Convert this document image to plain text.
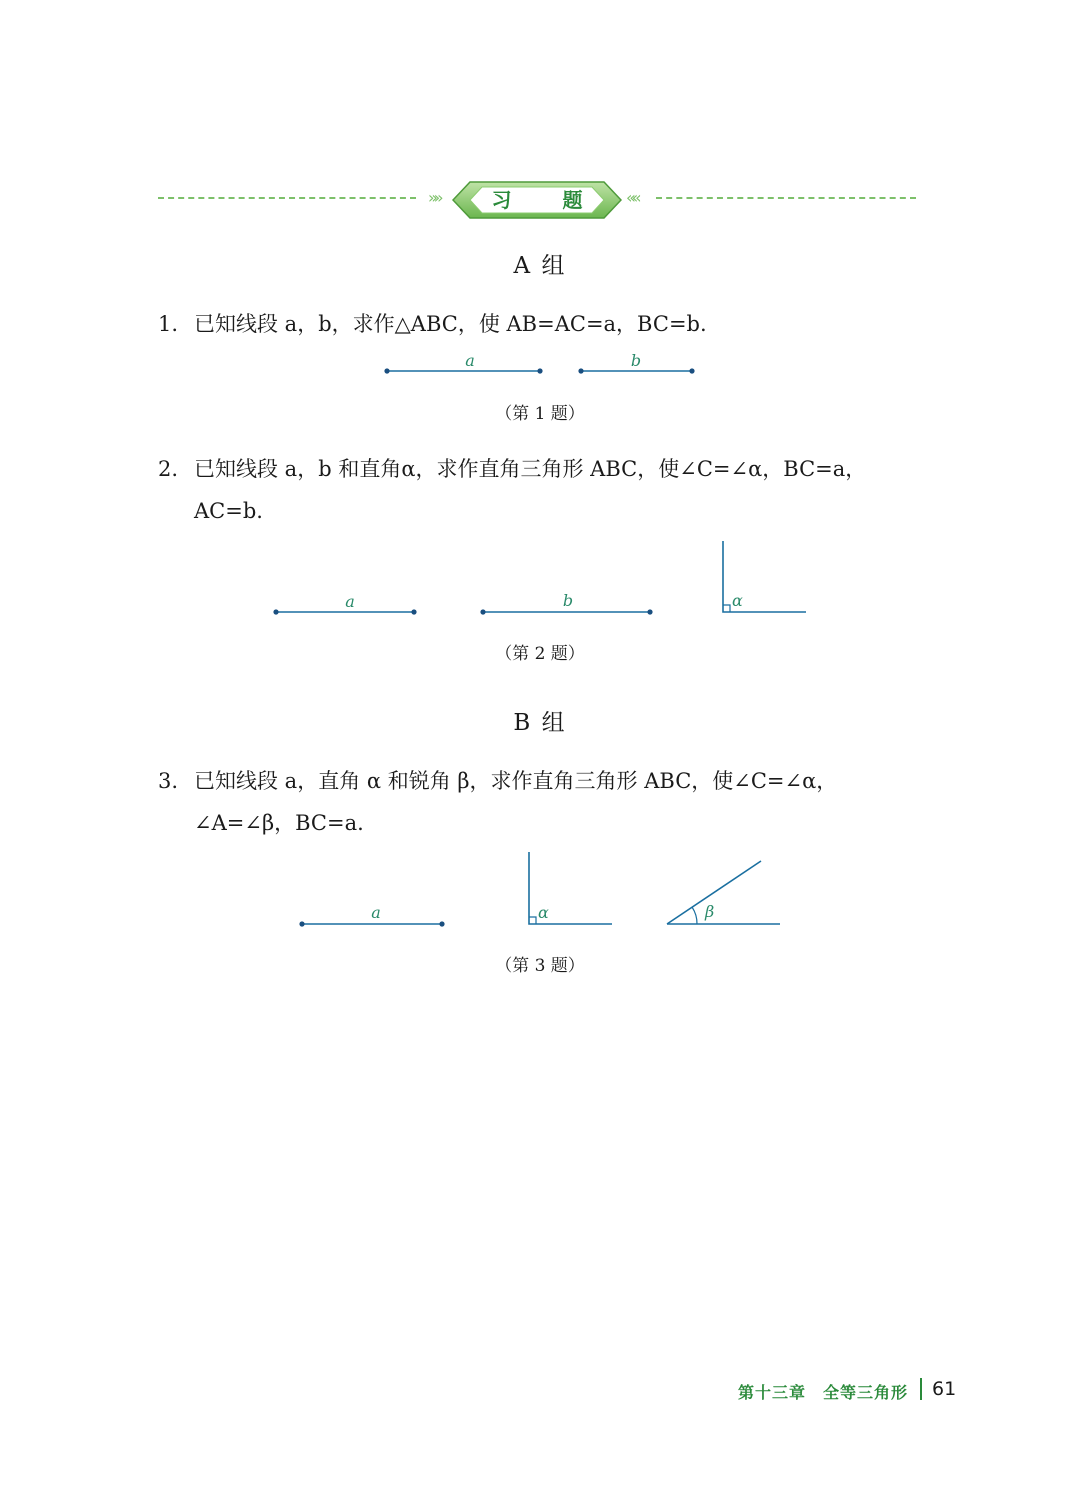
»»	««
习 题
A 组
1. 已知线段 a，b，求作△ABC，使 AB=AC=a，BC=b.
2. 已知线段 a，b 和直角α，求作直角三角形 ABC，使∠C=∠α，BC=a，
AC=b.
B 组
3. 已知线段 a，直角 α 和锐角 β，求作直角三角形 ABC，使∠C=∠α，
∠A=∠β，BC=a.
a	b
a	b	α
a	α	β
（第 1 题）
（第 2 题）
（第 3 题）
第十三章　全等三角形 61
